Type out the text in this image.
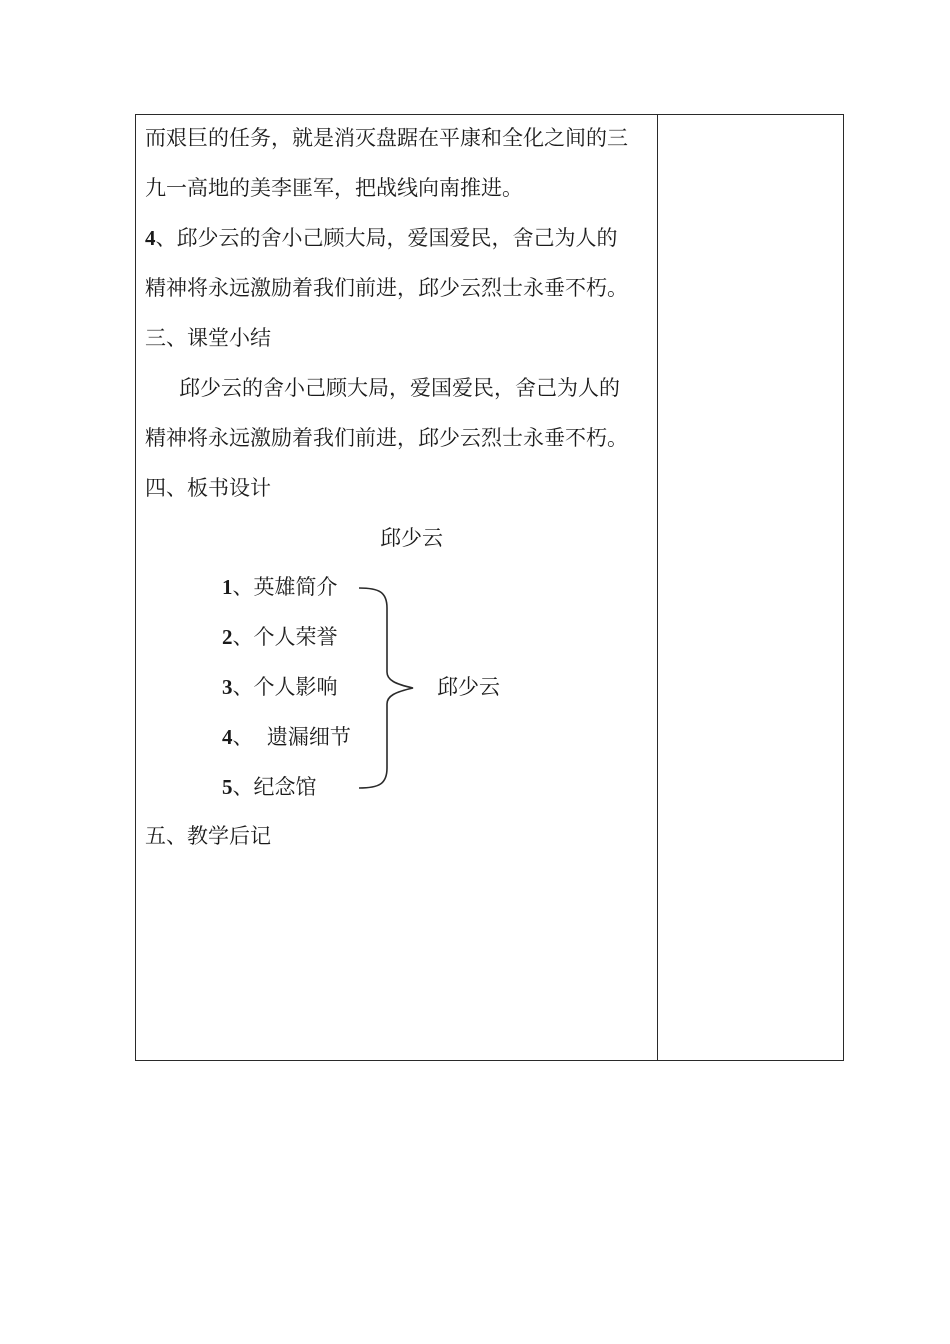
而艰巨的任务，就是消灭盘踞在平康和全化之间的三
九一高地的美李匪军，把战线向南推进。
4、邱少云的舍小己顾大局，爱国爱民，舍己为人的
精神将永远激励着我们前进，邱少云烈士永垂不朽。
三、课堂小结
邱少云的舍小己顾大局，爱国爱民，舍己为人的
精神将永远激励着我们前进，邱少云烈士永垂不朽。
四、板书设计
邱少云
1、英雄简介
2、个人荣誉
3、个人影响
4、  遗漏细节
5、纪念馆
邱少云
五、教学后记
